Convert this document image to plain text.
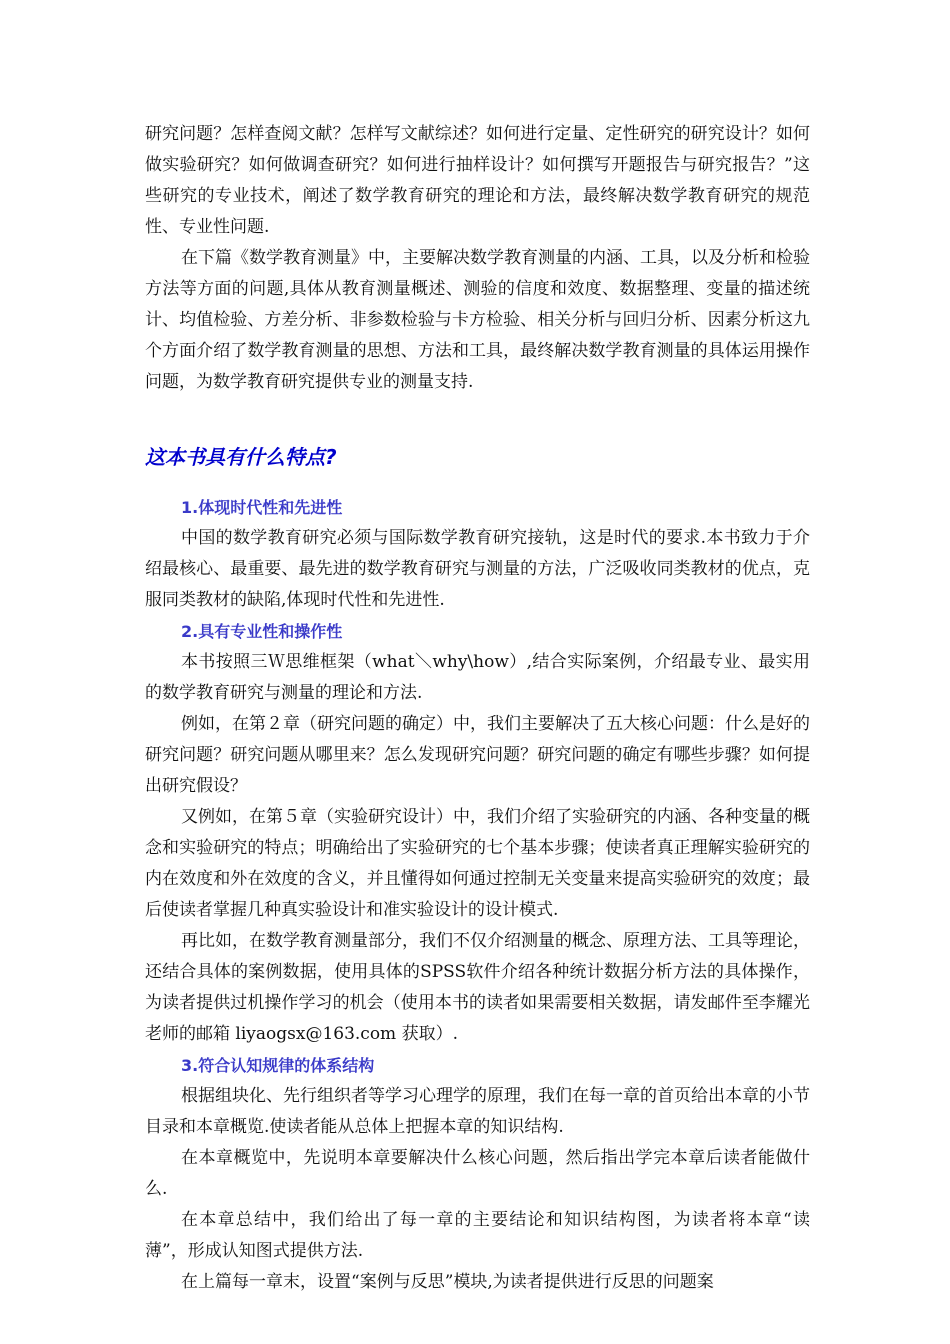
研究问题？怎样查阅文献？怎样写文献综述？如何进行定量、定性研究的研究设计？如何做实验研究？如何做调查研究？如何进行抽样设计？如何撰写开题报告与研究报告？”这些研究的专业技术，阐述了数学教育研究的理论和方法，最终解决数学教育研究的规范性、专业性问题.

在下篇《数学教育测量》中，主要解决数学教育测量的内涵、工具，以及分析和检验方法等方面的问题,具体从教育测量概述、测验的信度和效度、数据整理、变量的描述统计、均值检验、方差分析、非参数检验与卡方检验、相关分析与回归分析、因素分析这九个方面介绍了数学教育测量的思想、方法和工具，最终解决数学教育测量的具体运用操作问题，为数学教育研究提供专业的测量支持.

这本书具有什么特点?
1.体现时代性和先进性

中国的数学教育研究必须与国际数学教育研究接轨，这是时代的要求.本书致力于介绍最核心、最重要、最先进的数学教育研究与测量的方法，广泛吸收同类教材的优点，克服同类教材的缺陷,体现时代性和先进性.

2.具有专业性和操作性

本书按照三Ｗ思维框架（what＼why\how）,结合实际案例，介绍最专业、最实用的数学教育研究与测量的理论和方法.

例如，在第２章（研究问题的确定）中，我们主要解决了五大核心问题：什么是好的研究问题？研究问题从哪里来？怎么发现研究问题？研究问题的确定有哪些步骤？如何提出研究假设？

又例如，在第５章（实验研究设计）中，我们介绍了实验研究的内涵、各种变量的概念和实验研究的特点；明确给出了实验研究的七个基本步骤；使读者真正理解实验研究的内在效度和外在效度的含义，并且懂得如何通过控制无关变量来提高实验研究的效度；最后使读者掌握几种真实验设计和准实验设计的设计模式.

再比如，在数学教育测量部分，我们不仅介绍测量的概念、原理方法、工具等理论，还结合具体的案例数据，使用具体的SPSS软件介绍各种统计数据分析方法的具体操作，为读者提供过机操作学习的机会（使用本书的读者如果需要相关数据，请发邮件至李耀光老师的邮箱 liyaogsx@163.com 获取）.

3.符合认知规律的体系结构

根据组块化、先行组织者等学习心理学的原理，我们在每一章的首页给出本章的小节目录和本章概览.使读者能从总体上把握本章的知识结构.

在本章概览中，先说明本章要解决什么核心问题，然后指出学完本章后读者能做什么.

在本章总结中，我们给出了每一章的主要结论和知识结构图，为读者将本章“读薄”，形成认知图式提供方法.

在上篇每一章末，设置“案例与反思”模块,为读者提供进行反思的问题案
